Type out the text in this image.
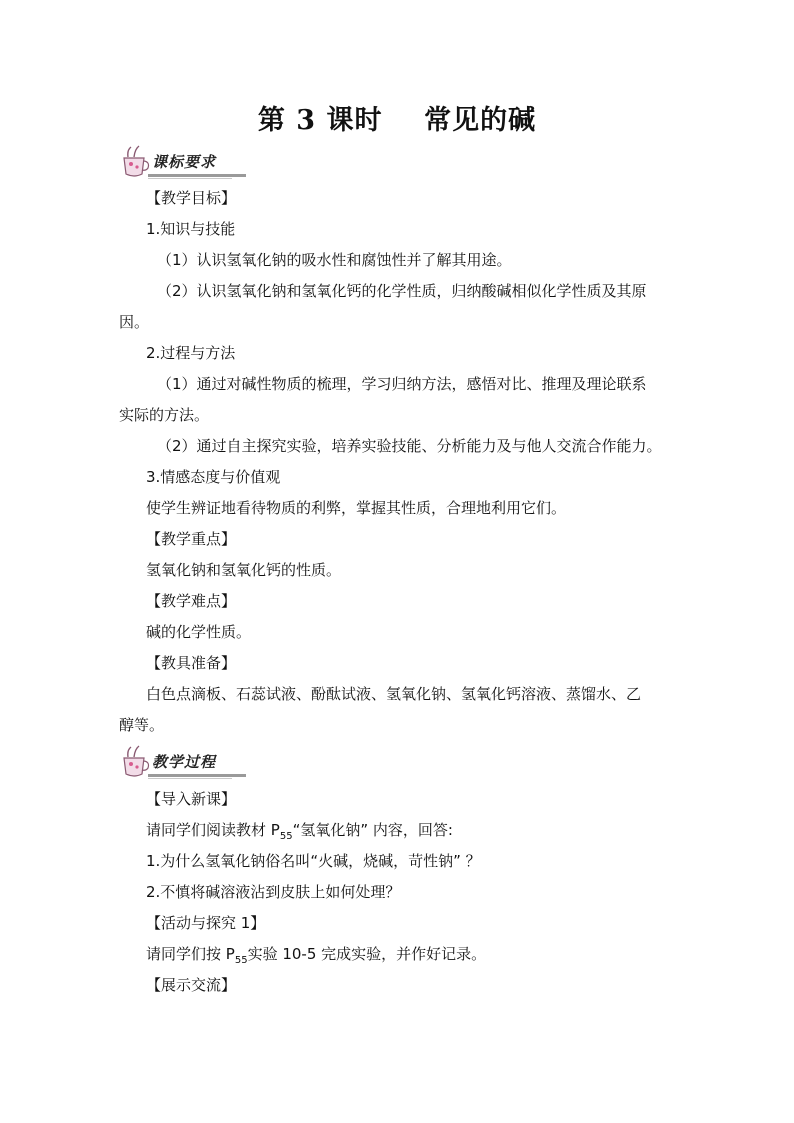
第 3 课时    常见的碱
课标要求
【教学目标】
1.知识与技能
（1）认识氢氧化钠的吸水性和腐蚀性并了解其用途。
（2）认识氢氧化钠和氢氧化钙的化学性质，归纳酸碱相似化学性质及其原
因。
2.过程与方法
（1）通过对碱性物质的梳理，学习归纳方法，感悟对比、推理及理论联系
实际的方法。
（2）通过自主探究实验，培养实验技能、分析能力及与他人交流合作能力。
3.情感态度与价值观
使学生辨证地看待物质的利弊，掌握其性质，合理地利用它们。
【教学重点】
氢氧化钠和氢氧化钙的性质。
【教学难点】
碱的化学性质。
【教具准备】
白色点滴板、石蕊试液、酚酞试液、氢氧化钠、氢氧化钙溶液、蒸馏水、乙
醇等。
教学过程
【导入新课】
请同学们阅读教材 $P_{55}“$氢氧化钠” 内容，回答:
1.为什么氢氧化钠俗名叫“火碱，烧碱，苛性钠” ？
2.不慎将碱溶液沾到皮肤上如何处理？
【活动与探究 1】
请同学们按 $P_{55}$实验 10-5 完成实验，并作好记录。
【展示交流】
